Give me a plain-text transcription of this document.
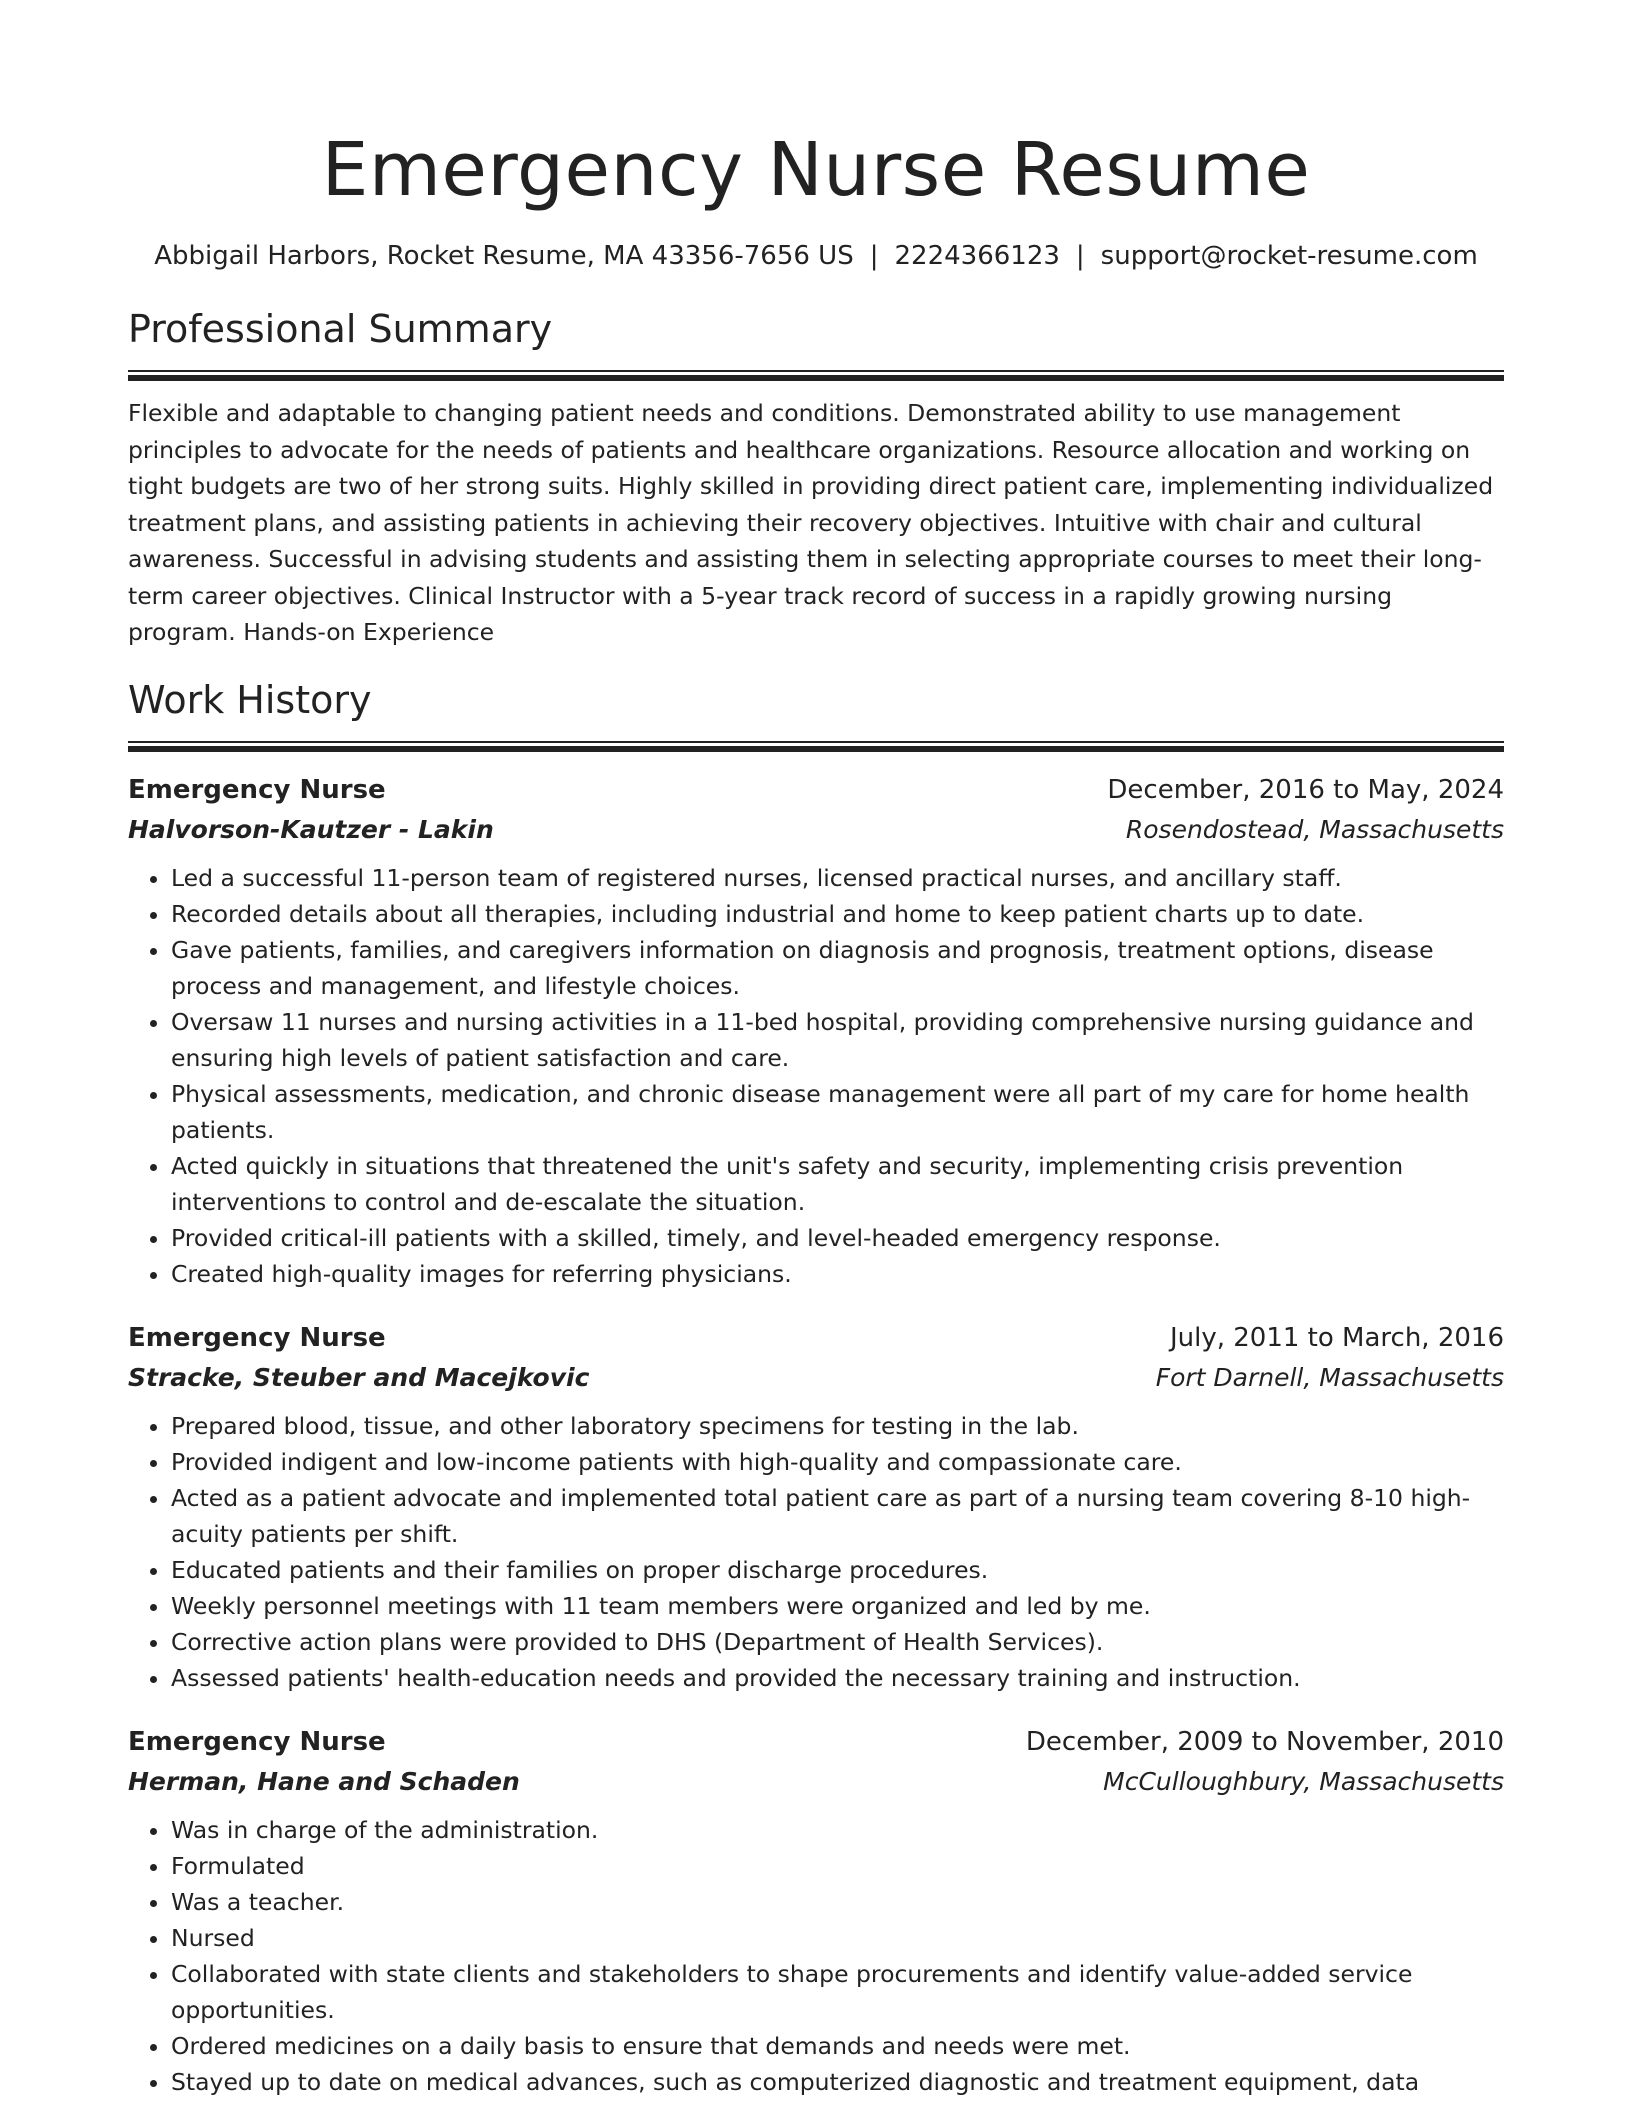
Emergency Nurse Resume
Abbigail Harbors, Rocket Resume, MA 43356-7656 US | 2224366123 | support@rocket-resume.com
Professional Summary

Flexible and adaptable to changing patient needs and conditions. Demonstrated ability to use management principles to advocate for the needs of patients and healthcare organizations. Resource allocation and working on tight budgets are two of her strong suits. Highly skilled in providing direct patient care, implementing individualized treatment plans, and assisting patients in achieving their recovery objectives. Intuitive with chair and cultural awareness. Successful in advising students and assisting them in selecting appropriate courses to meet their long-term career objectives. Clinical Instructor with a 5-year track record of success in a rapidly growing nursing program. Hands-on Experience

Work History
Emergency Nurse	December, 2016 to May, 2024
Halvorson-Kautzer - Lakin	Rosendostead, Massachusetts
• Led a successful 11-person team of registered nurses, licensed practical nurses, and ancillary staff.
• Recorded details about all therapies, including industrial and home to keep patient charts up to date.
• Gave patients, families, and caregivers information on diagnosis and prognosis, treatment options, disease process and management, and lifestyle choices.
• Oversaw 11 nurses and nursing activities in a 11-bed hospital, providing comprehensive nursing guidance and ensuring high levels of patient satisfaction and care.
• Physical assessments, medication, and chronic disease management were all part of my care for home health patients.
• Acted quickly in situations that threatened the unit's safety and security, implementing crisis prevention interventions to control and de-escalate the situation.
• Provided critical-ill patients with a skilled, timely, and level-headed emergency response.
• Created high-quality images for referring physicians.
Emergency Nurse	July, 2011 to March, 2016
Stracke, Steuber and Macejkovic	Fort Darnell, Massachusetts
• Prepared blood, tissue, and other laboratory specimens for testing in the lab.
• Provided indigent and low-income patients with high-quality and compassionate care.
• Acted as a patient advocate and implemented total patient care as part of a nursing team covering 8-10 high-acuity patients per shift.
• Educated patients and their families on proper discharge procedures.
• Weekly personnel meetings with 11 team members were organized and led by me.
• Corrective action plans were provided to DHS (Department of Health Services).
• Assessed patients' health-education needs and provided the necessary training and instruction.
Emergency Nurse	December, 2009 to November, 2010
Herman, Hane and Schaden	McCulloughbury, Massachusetts
• Was in charge of the administration.
• Formulated
• Was a teacher.
• Nursed
• Collaborated with state clients and stakeholders to shape procurements and identify value-added service opportunities.
• Ordered medicines on a daily basis to ensure that demands and needs were met.
• Stayed up to date on medical advances, such as computerized diagnostic and treatment equipment, data
